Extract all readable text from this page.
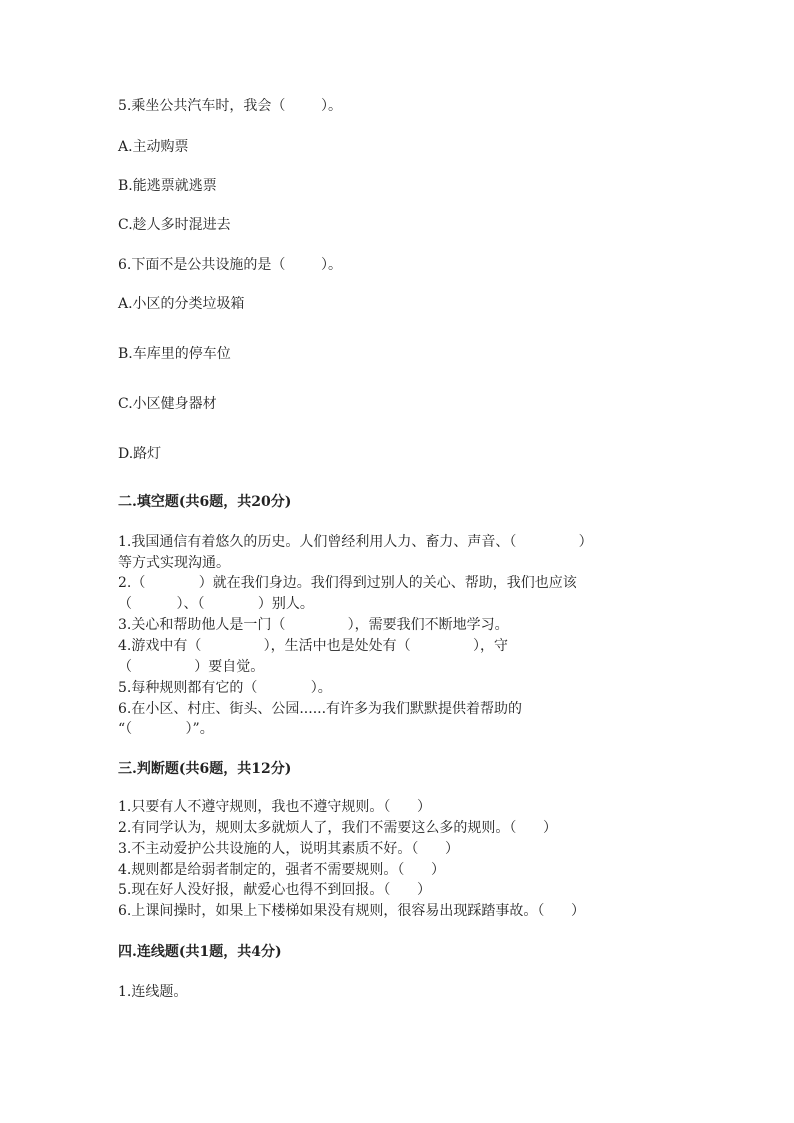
5.乘坐公共汽车时，我会（        ）。
A.主动购票
B.能逃票就逃票
C.趁人多时混进去
6.下面不是公共设施的是（        ）。
A.小区的分类垃圾箱
B.车库里的停车位
C.小区健身器材
D.路灯
二.填空题(共6题，共20分)
1.我国通信有着悠久的历史。人们曾经利用人力、畜力、声音、（              ）
等方式实现沟通。
2.（            ）就在我们身边。我们得到过别人的关心、帮助，我们也应该
（          ）、（            ）别人。
3.关心和帮助他人是一门（              ），需要我们不断地学习。
4.游戏中有（              ），生活中也是处处有（              ），守
（              ）要自觉。
5.每种规则都有它的（            ）。
6.在小区、村庄、街头、公园......有许多为我们默默提供着帮助的
“（            ）”。
三.判断题(共6题，共12分)
1.只要有人不遵守规则，我也不遵守规则。（      ）
2.有同学认为，规则太多就烦人了，我们不需要这么多的规则。（      ）
3.不主动爱护公共设施的人，说明其素质不好。（      ）
4.规则都是给弱者制定的，强者不需要规则。（      ）
5.现在好人没好报，献爱心也得不到回报。（      ）
6.上课间操时，如果上下楼梯如果没有规则，很容易出现踩踏事故。（      ）
四.连线题(共1题，共4分)
1.连线题。
